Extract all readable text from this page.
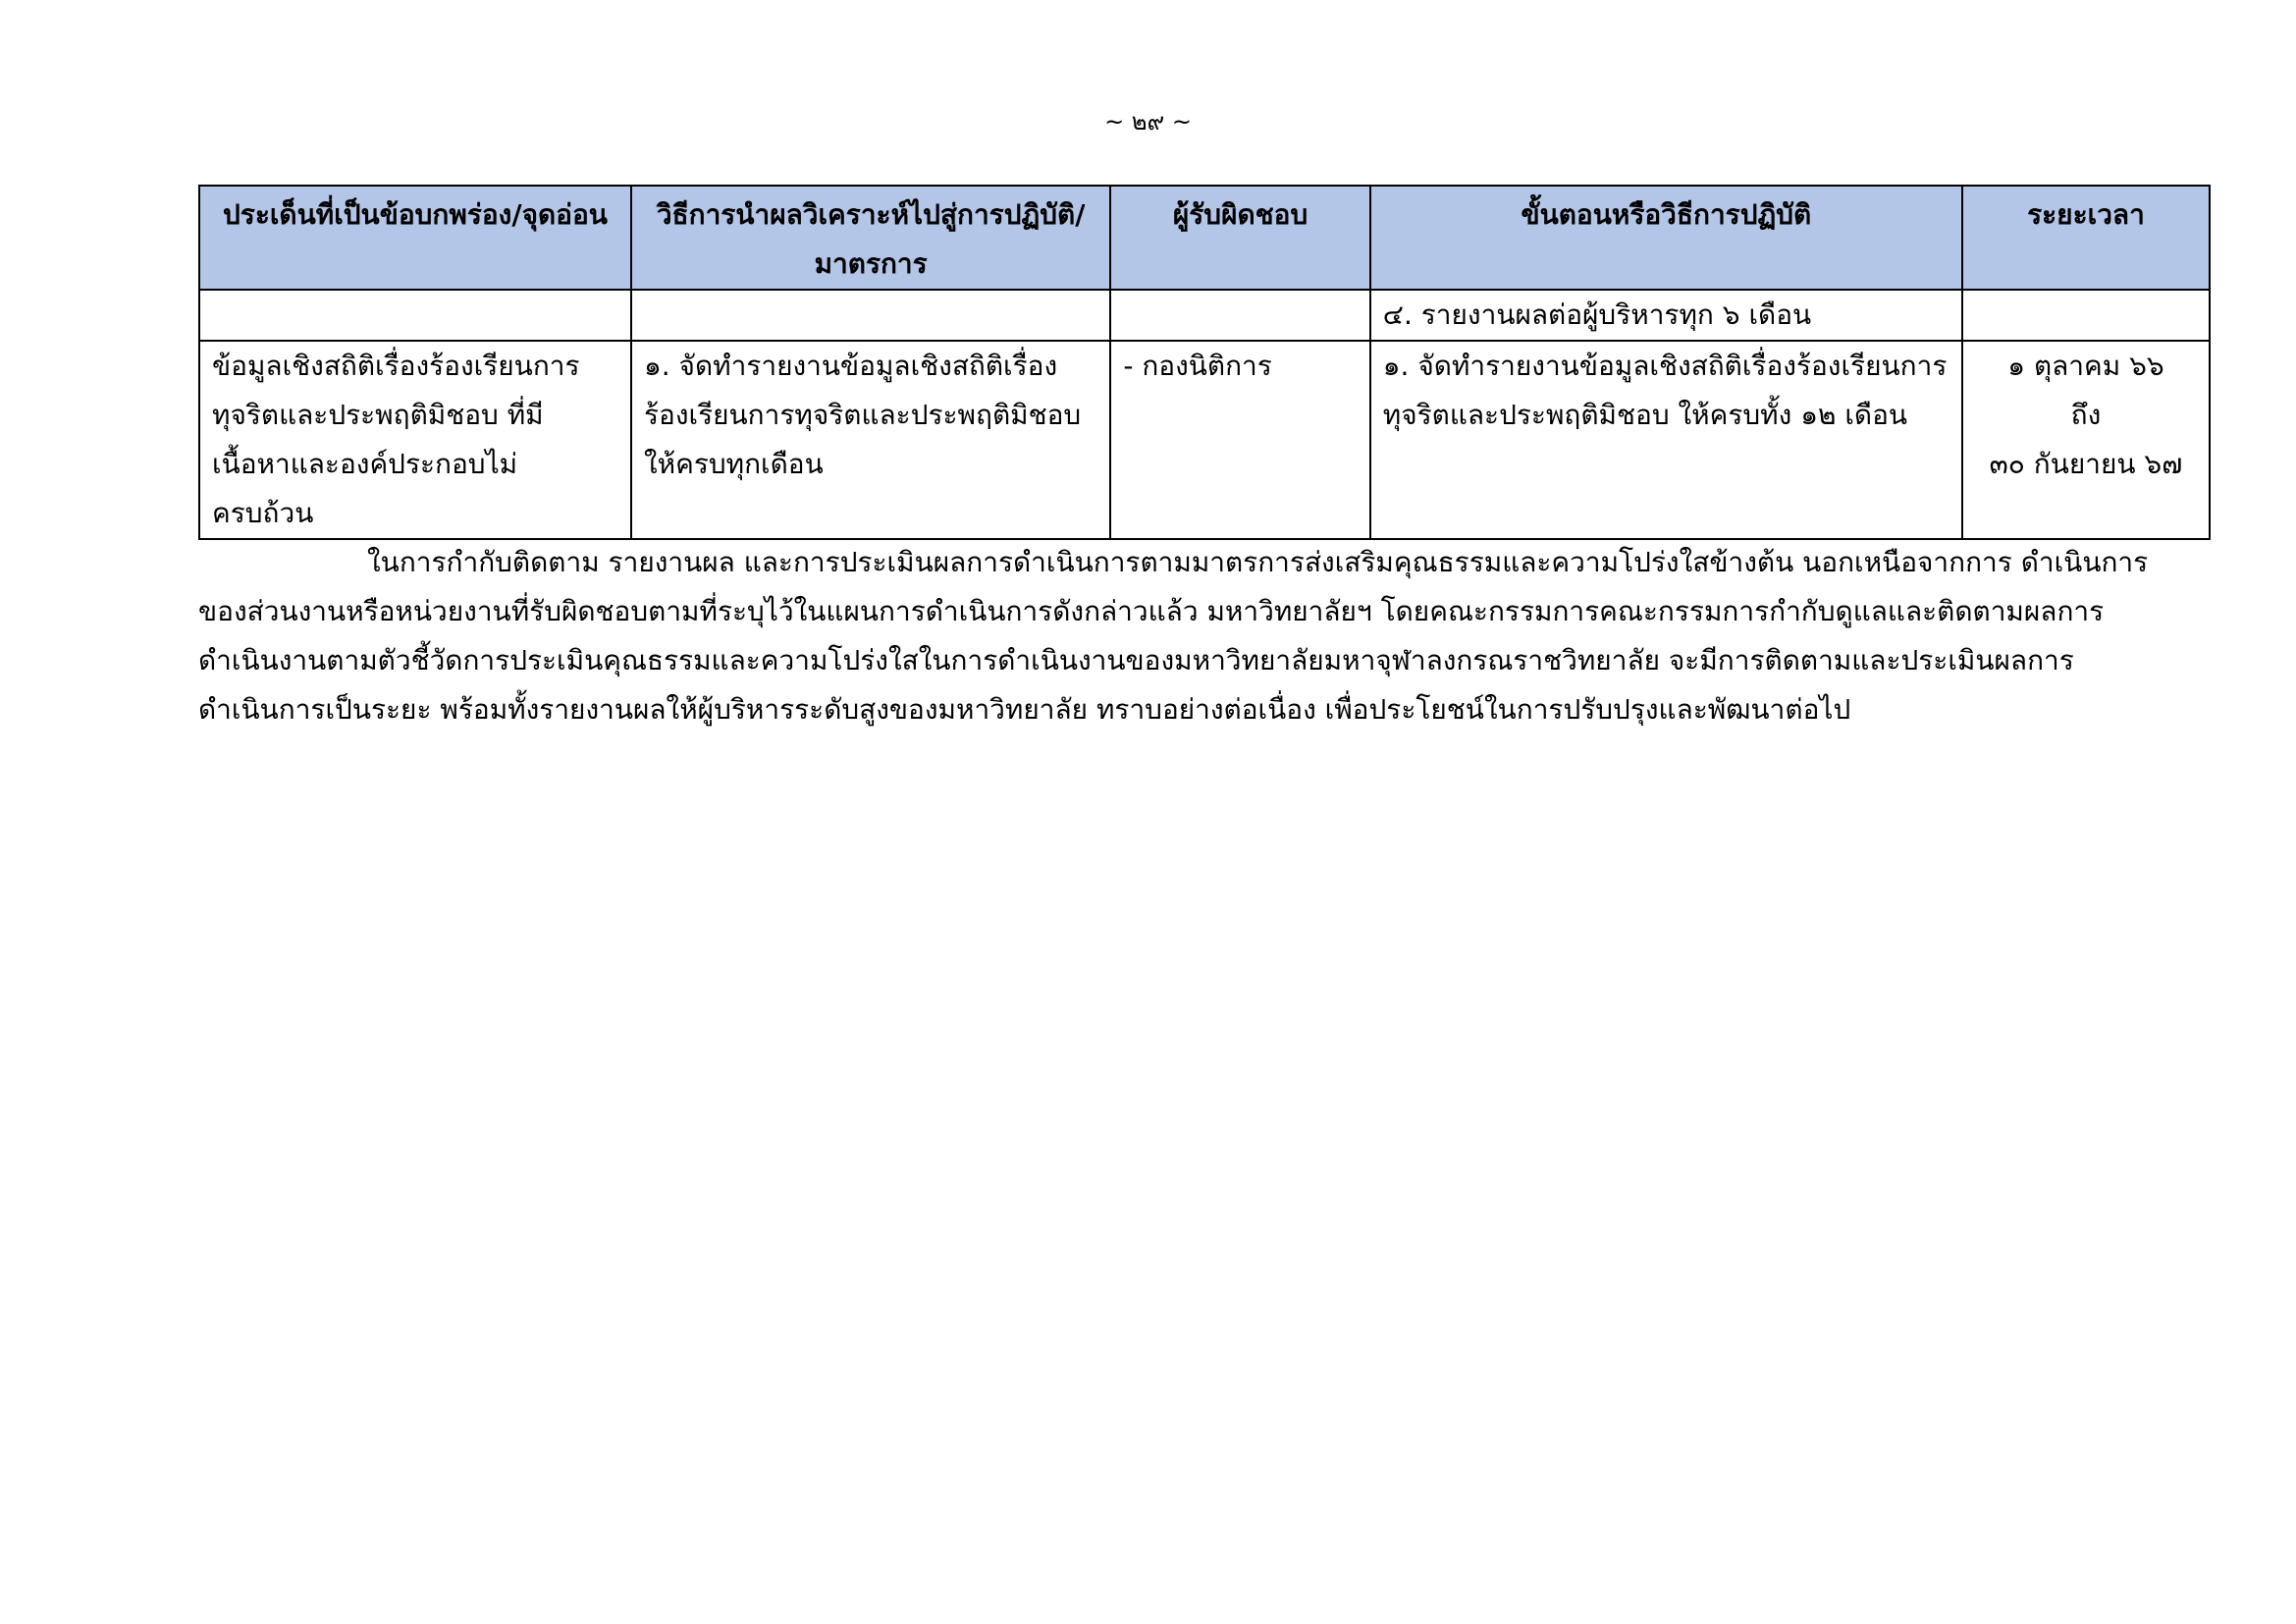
~ ๒๙ ~
ประเด็นที่เป็นข้อบกพร่อง/จุดอ่อน	วิธีการนำผลวิเคราะห์ไปสู่การปฏิบัติ/ มาตรการ	ผู้รับผิดชอบ	ขั้นตอนหรือวิธีการปฏิบัติ	ระยะเวลา

			๔. รายงานผลต่อผู้บริหารทุก ๖ เดือน	

ข้อมูลเชิงสถิติเรื่องร้องเรียนการ
ทุจริตและประพฤติมิชอบ ที่มี
เนื้อหาและองค์ประกอบไม่
ครบถ้วน	๑. จัดทำรายงานข้อมูลเชิงสถิติเรื่อง
ร้องเรียนการทุจริตและประพฤติมิชอบ
ให้ครบทุกเดือน	- กองนิติการ	๑. จัดทำรายงานข้อมูลเชิงสถิติเรื่องร้องเรียนการ
ทุจริตและประพฤติมิชอบ ให้ครบทั้ง ๑๒ เดือน	๑ ตุลาคม ๖๖
ถึง
๓๐ กันยายน ๖๗
ในการกำกับติดตาม รายงานผล และการประเมินผลการดำเนินการตามมาตรการส่งเสริมคุณธรรมและความโปร่งใสข้างต้น นอกเหนือจากการ ดำเนินการ
ของส่วนงานหรือหน่วยงานที่รับผิดชอบตามที่ระบุไว้ในแผนการดำเนินการดังกล่าวแล้ว มหาวิทยาลัยฯ โดยคณะกรรมการคณะกรรมการกำกับดูแลและติดตามผลการ
ดำเนินงานตามตัวชี้วัดการประเมินคุณธรรมและความโปร่งใสในการดำเนินงานของมหาวิทยาลัยมหาจุฬาลงกรณราชวิทยาลัย จะมีการติดตามและประเมินผลการ
ดำเนินการเป็นระยะ พร้อมทั้งรายงานผลให้ผู้บริหารระดับสูงของมหาวิทยาลัย ทราบอย่างต่อเนื่อง เพื่อประโยชน์ในการปรับปรุงและพัฒนาต่อไป
